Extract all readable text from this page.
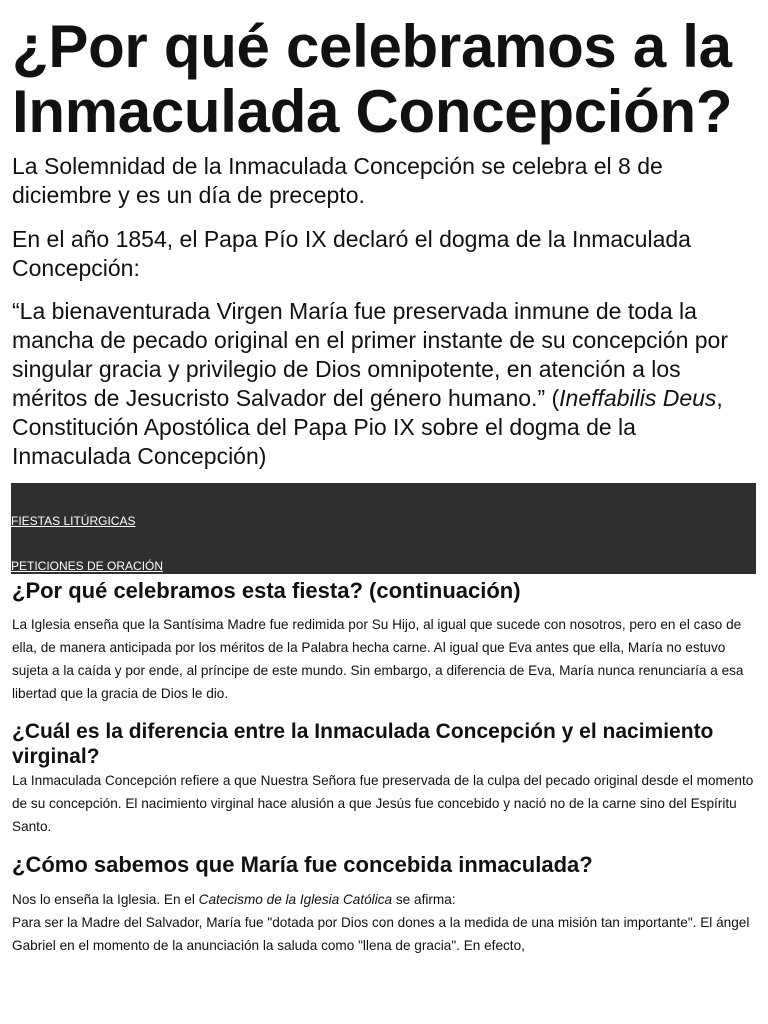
¿Por qué celebramos a la Inmaculada Concepción?

La Solemnidad de la Inmaculada Concepción se celebra el 8 de diciembre y es un día de precepto.

En el año 1854, el Papa Pío IX declaró el dogma de la Inmaculada Concepción:

“La bienaventurada Virgen María fue preservada inmune de toda la mancha de pecado original en el primer instante de su concepción por singular gracia y privilegio de Dios omnipotente, en atención a los méritos de Jesucristo Salvador del género humano.” (Ineffabilis Deus, Constitución Apostólica del Papa Pio IX sobre el dogma de la Inmaculada Concepción)

FIESTAS LITÚRGICAS
PETICIONES DE ORACIÓN
¿Por qué celebramos esta fiesta? (continuación)

La Iglesia enseña que la Santísima Madre fue redimida por Su Hijo, al igual que sucede con nosotros, pero en el caso de ella, de manera anticipada por los méritos de la Palabra hecha carne. Al igual que Eva antes que ella, María no estuvo sujeta a la caída y por ende, al príncipe de este mundo. Sin embargo, a diferencia de Eva, María nunca renunciaría a esa libertad que la gracia de Dios le dio.

¿Cuál es la diferencia entre la Inmaculada Concepción y el nacimiento virginal?

La Inmaculada Concepción refiere a que Nuestra Señora fue preservada de la culpa del pecado original desde el momento de su concepción. El nacimiento virginal hace alusión a que Jesús fue concebido y nació no de la carne sino del Espíritu Santo.

¿Cómo sabemos que María fue concebida inmaculada?

Nos lo enseña la Iglesia. En el Catecismo de la Iglesia Católica se afirma:
Para ser la Madre del Salvador, María fue "dotada por Dios con dones a la medida de una misión tan importante". El ángel Gabriel en el momento de la anunciación la saluda como "llena de gracia". En efecto,
